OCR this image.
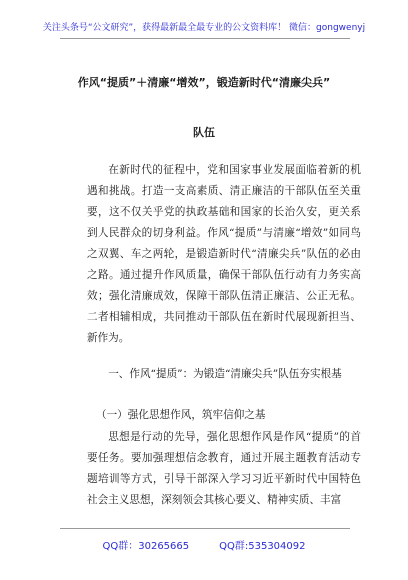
关注头条号“公文研究”，获得最新最全最专业的公文资料库！ 微信：gongwenyj
作风“提质”＋清廉“增效”，锻造新时代“清廉尖兵”
队伍
在新时代的征程中，党和国家事业发展面临着新的机遇和挑战。打造一支高素质、清正廉洁的干部队伍至关重要，这不仅关乎党的执政基础和国家的长治久安，更关系到人民群众的切身利益。作风“提质”与清廉“增效”如同鸟之双翼、车之两轮，是锻造新时代“清廉尖兵”队伍的必由之路。通过提升作风质量，确保干部队伍行动有力务实高效；强化清廉成效，保障干部队伍清正廉洁、公正无私。二者相辅相成，共同推动干部队伍在新时代展现新担当、新作为。
一、作风“提质”：为锻造“清廉尖兵”队伍夯实根基
（一）强化思想作风，筑牢信仰之基
思想是行动的先导，强化思想作风是作风“提质”的首要任务。要加强理想信念教育，通过开展主题教育活动专题培训等方式，引导干部深入学习习近平新时代中国特色社会主义思想，深刻领会其核心要义、精神实质、丰富
QQ群：30265665	QQ群:535304092
